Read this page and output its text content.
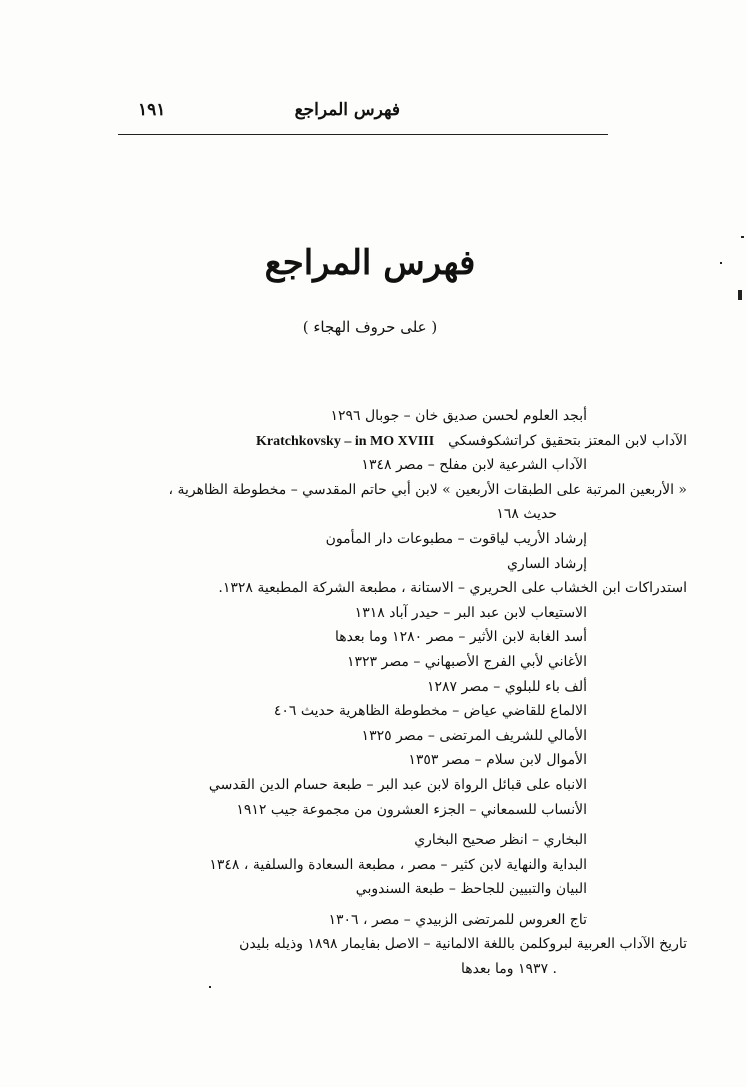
فهرس المراجع
١٩١
فهرس المراجع
( على حروف الهجاء )
أبجد العلوم لحسن صديق خان – جوبال ١٢٩٦
الآداب لابن المعتز بتحقيق كراتشكوفسكيKratchkovsky – in MO XVIII
الآداب الشرعية لابن مفلح – مصر ١٣٤٨
« الأربعين المرتبة على الطبقات الأربعين » لابن أبي حاتم المقدسي – مخطوطة الظاهرية ،
حديث ١٦٨
إرشاد الأريب لياقوت – مطبوعات دار المأمون
إرشاد الساري
استدراكات ابن الخشاب على الحريري – الاستانة ، مطبعة الشركة المطبعية ١٣٢٨.
الاستيعاب لابن عبد البر – حيدر آباد ١٣١٨
أسد الغابة لابن الأثير – مصر ١٢٨٠ وما بعدها
الأغاني لأبي الفرج الأصبهاني – مصر ١٣٢٣
ألف باء للبلوي – مصر ١٢٨٧
الالماع للقاضي عياض – مخطوطة الظاهرية حديث ٤٠٦
الأمالي للشريف المرتضى – مصر ١٣٢٥
الأموال لابن سلام – مصر ١٣٥٣
الانباه على قبائل الرواة لابن عبد البر – طبعة حسام الدين القدسي
الأنساب للسمعاني – الجزء العشرون من مجموعة جيب ١٩١٢
البخاري – انظر صحيح البخاري
البداية والنهاية لابن كثير – مصر ، مطبعة السعادة والسلفية ، ١٣٤٨
البيان والتبيين للجاحظ – طبعة السندوبي
تاج العروس للمرتضى الزبيدي – مصر ، ١٣٠٦
تاريخ الآداب العربية لبروكلمن باللغة الالمانية – الاصل بفايمار ١٨٩٨ وذيله بليدن
. ١٩٣٧ وما بعدها
